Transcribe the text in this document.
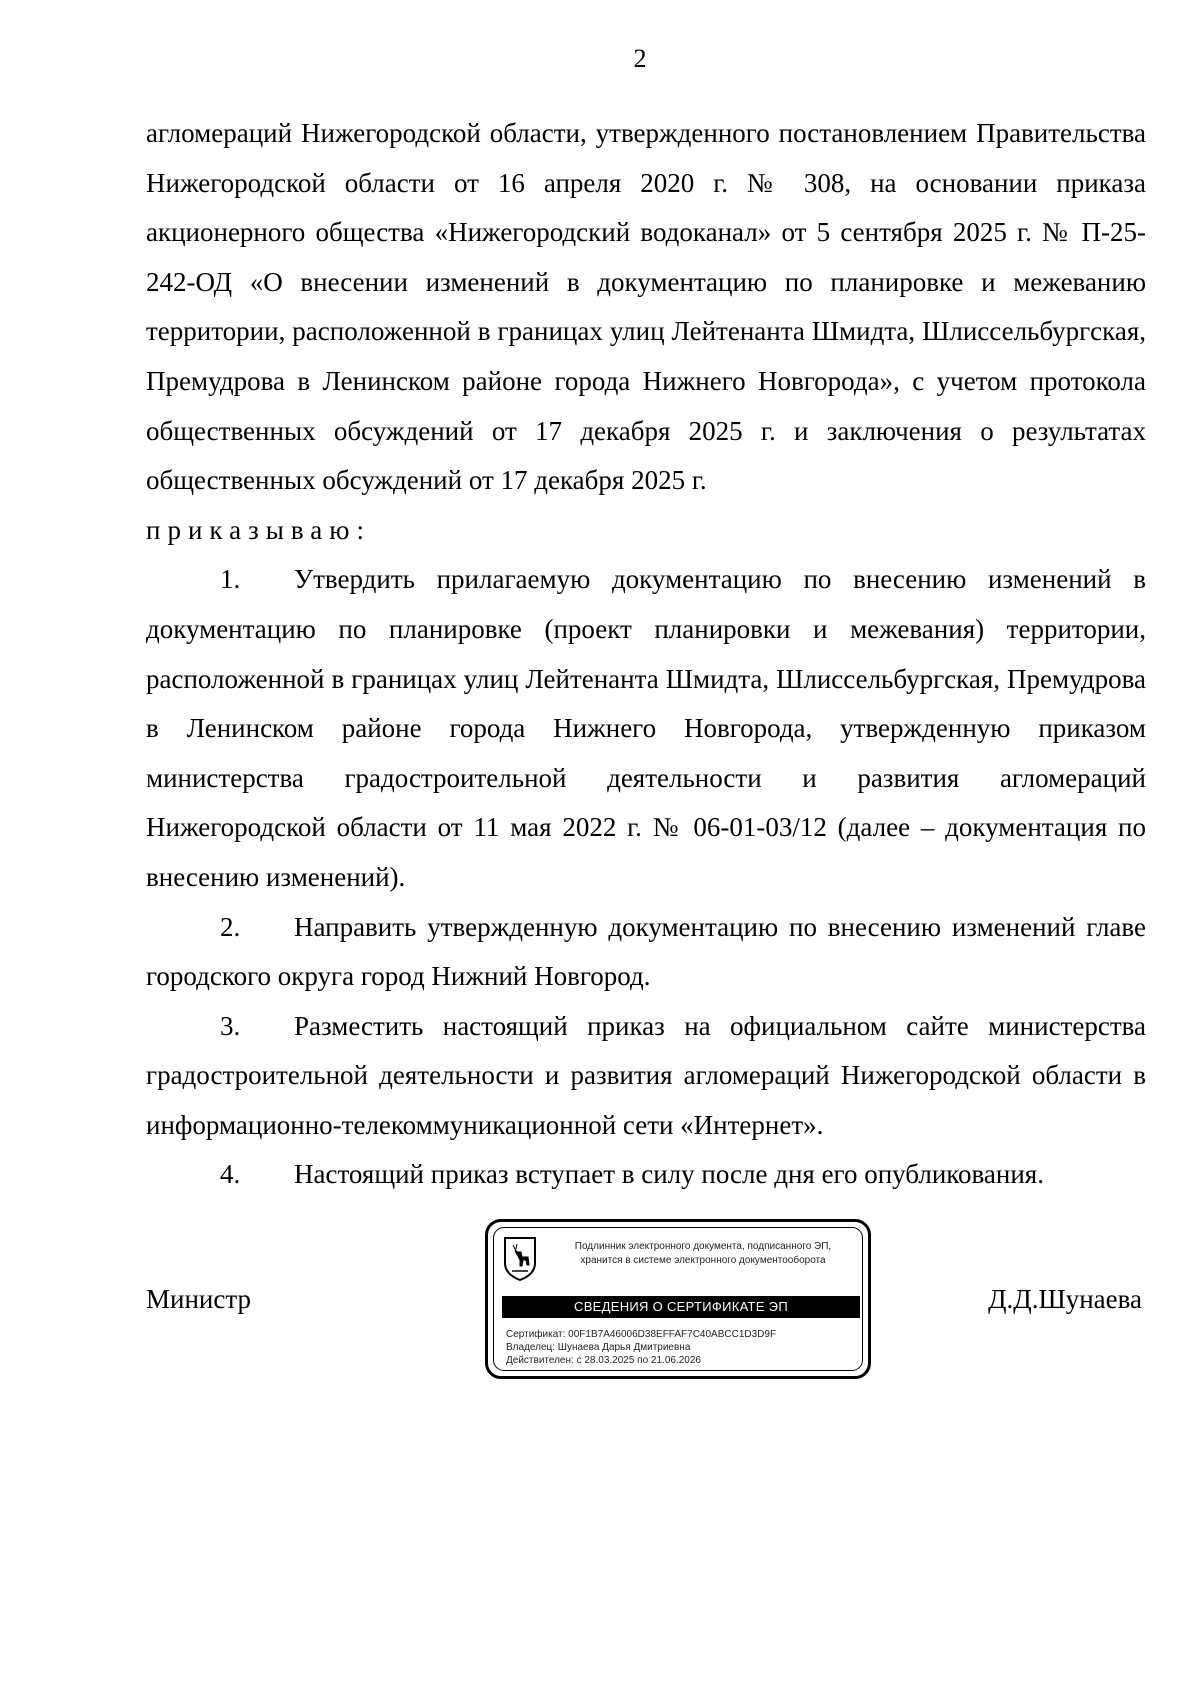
2

агломераций Нижегородской области, утвержденного постановлением Правительства Нижегородской области от 16 апреля 2020 г. № 308, на основании приказа акционерного общества «Нижегородский водоканал» от 5 сентября 2025 г. № П-25-242-ОД «О внесении изменений в документацию по планировке и межеванию территории, расположенной в границах улиц Лейтенанта Шмидта, Шлиссельбургская, Премудрова в Ленинском районе города Нижнего Новгорода», с учетом протокола общественных обсуждений от 17 декабря 2025 г. и заключения о результатах общественных обсуждений от 17 декабря 2025 г.

приказываю:

1. Утвердить прилагаемую документацию по внесению изменений в документацию по планировке (проект планировки и межевания) территории, расположенной в границах улиц Лейтенанта Шмидта, Шлиссельбургская, Премудрова в Ленинском районе города Нижнего Новгорода, утвержденную приказом министерства градостроительной деятельности и развития агломераций Нижегородской области от 11 мая 2022 г. № 06-01-03/12 (далее – документация по внесению изменений).

2. Направить утвержденную документацию по внесению изменений главе городского округа город Нижний Новгород.

3. Разместить настоящий приказ на официальном сайте министерства градостроительной деятельности и развития агломераций Нижегородской области в информационно-телекоммуникационной сети «Интернет».

4. Настоящий приказ вступает в силу после дня его опубликования.

Министр
Подлинник электронного документа, подписанного ЭП,
хранится в системе электронного документооборота
СВЕДЕНИЯ О СЕРТИФИКАТЕ ЭП
Сертификат: 00F1B7A46006D38EFFAF7C40ABCC1D3D9F
Владелец: Шунаева Дарья Дмитриевна
Действителен: с 28.03.2025 по 21.06.2026
Д.Д.Шунаева
